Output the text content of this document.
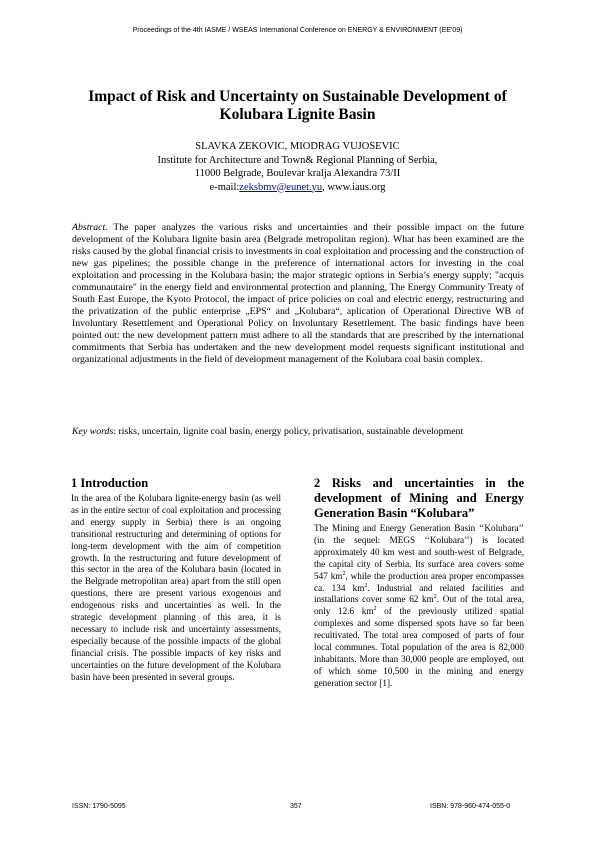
Proceedings of the 4th IASME / WSEAS International Conference on ENERGY & ENVIRONMENT (EE'09)
Impact of Risk and Uncertainty on Sustainable Development of Kolubara Lignite Basin
SLAVKA ZEKOVIC, MIODRAG VUJOSEVIC
Institute for Architecture and Town& Regional Planning of Serbia,
11000 Belgrade, Boulevar kralja Alexandra 73/II
e-mail:zeksbmv@eunet.yu, www.iaus.org

Abstract. The paper analyzes the various risks and uncertainties and their possible impact on the future development of the Kolubara lignite basin area (Belgrade metropolitan region). What has been examined are the risks caused by the global financial crisis to investments in coal exploitation and processing and the construction of new gas pipelines; the possible change in the preference of international actors for investing in the coal exploitation and processing in the Kolubara basin; the major strategic options in Serbia’s energy supply; "acquis communautaire" in the energy field and environmental protection and planning, The Energy Community Treaty of South East Europe, the Kyoto Protocol, the impact of price policies on coal and electric energy, restructuring and the privatization of the public enterprise „EPS“ and „Kolubara“, aplication of Operational Directive WB of Involuntary Resettlement and Operational Policy on Involuntary Resettlement. The basic findings have been pointed out: the new development pattern must adhere to all the standards that are prescribed by the international commitments that Serbia has undertaken and the new development model requests significant institutional and organizational adjustments in the field of development management of the Kolubara coal basin complex.

Key words: risks, uncertain, lignite coal basin, energy policy, privatisation, sustainable development

1 Introduction

In the area of the Kolubara lignite-energy basin (as well as in the entire sector of coal exploitation and processing and energy supply in Serbia) there is an ongoing transitional restructuring and determining of options for long-term development with the aim of competition growth. In the restructuring and future development of this sector in the area of the Kolubara basin (located in the Belgrade metropolitan area) apart from the still open questions, there are present various exogenous and endogenous risks and uncertainties as well. In the strategic development planning of this area, it is necessary to include risk and uncertainty assessments, especially because of the possible impacts of the global financial crisis. The possible impacts of key risks and uncertainties on the future development of the Kolubara basin have been presented in several groups.

2 Risks and uncertainties in the development of Mining and Energy Generation Basin “Kolubara”

The Mining and Energy Generation Basin ‘‘Kolubara’’ (in the sequel: MEGS ‘‘Kolubara’’) is located approximately 40 km west and south-west of Belgrade, the capital city of Serbia. Its surface area covers some 547 $km^2$, while the production area proper encompasses ca. 134 $km^2$. Industrial and related facilities and installations cover some 62 $km^2$. Out of the total area, only 12.6 $km^2$ of the previously utilized spatial complexes and some dispersed spots have so far been recultivated. The total area composed of parts of four local communes. Total population of the area is 82,000 inhabitants. More than 30,000 people are employed, out of which some 10,500 in the mining and energy generation sector [1].

ISSN: 1790-5095	357	ISBN: 978-960-474-055-0
